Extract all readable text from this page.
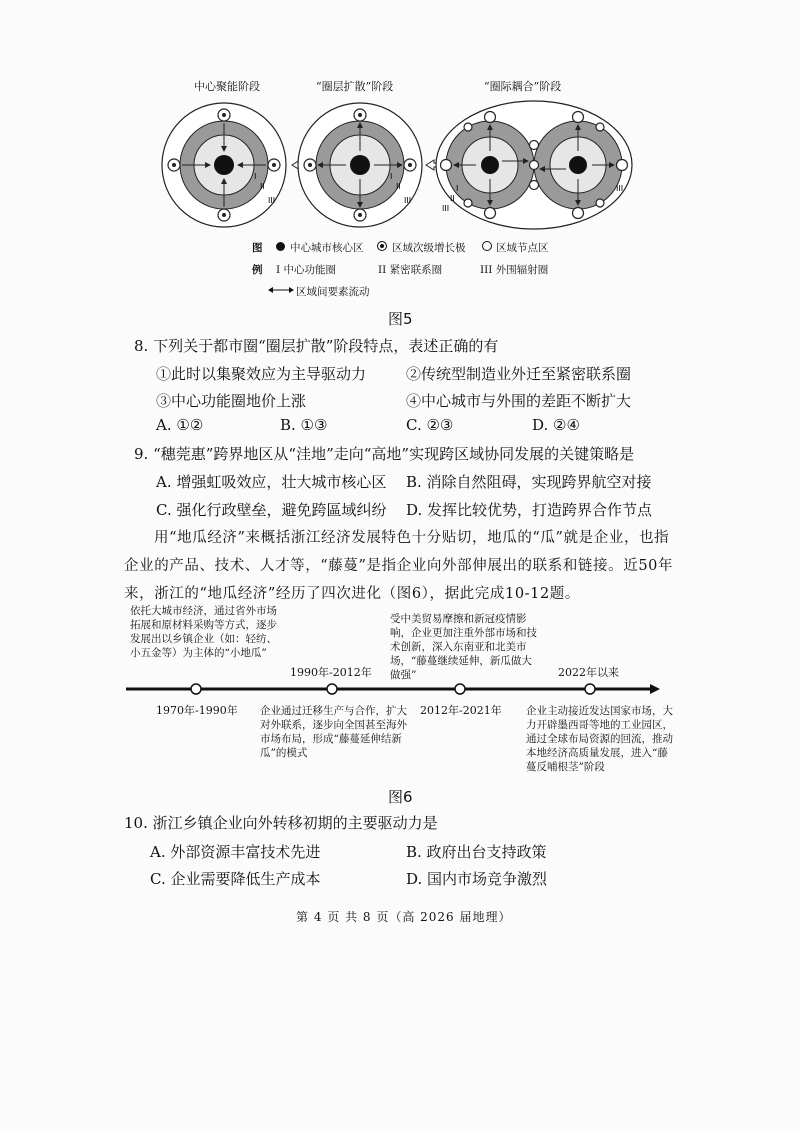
中心聚能阶段	“圈层扩散”阶段	“圈际耦合”阶段
I
II
III
I
II
III
I
II
III
III
图
例
中心城市核心区	区域次级增长极	区域节点区
I 中心功能圈	II 紧密联系圈	III 外围辐射圈
区域间要素流动
图5
8. 下列关于都市圈“圈层扩散”阶段特点，表述正确的有
①此时以集聚效应为主导驱动力	②传统型制造业外迁至紧密联系圈
③中心功能圈地价上涨	④中心城市与外围的差距不断扩大
A. ①②	B. ①③	C. ②③	D. ②④
9. “穗莞惠”跨界地区从“洼地”走向“高地”实现跨区域协同发展的关键策略是
A. 增强虹吸效应，壮大城市核心区 B. 消除自然阻碍，实现跨界航空对接
C. 强化行政壁垒，避免跨區域纠纷 D. 发挥比较优势，打造跨界合作节点
用“地瓜经济”来概括浙江经济发展特色十分贴切，地瓜的“瓜”就是企业，也指企业的产品、技术、人才等，“藤蔓”是指企业向外部伸展出的联系和链接。近50年来，浙江的“地瓜经济”经历了四次进化（图6），据此完成10-12题。
依托大城市经济，通过省外市场拓展和原材料采购等方式，逐步发展出以乡镇企业（如：轻纺、小五金等）为主体的“小地瓜”
受中美贸易摩擦和新冠疫情影响，企业更加注重外部市场和技术创新，深入东南亚和北美市场，“藤蔓继续延伸，新瓜做大做强”
1990年-2012年	2022年以来
1970年-1990年	2012年-2021年
企业通过迁移生产与合作，扩大对外联系，逐步向全国甚至海外市场布局，形成“藤蔓延伸结新瓜”的模式
企业主动接近发达国家市场，大力开辟墨西哥等地的工业园区，通过全球布局资源的回流，推动本地经济高质量发展，进入“藤蔓反哺根茎”阶段
图6
10. 浙江乡镇企业向外转移初期的主要驱动力是
A. 外部资源丰富技术先进	B. 政府出台支持政策
C. 企业需要降低生产成本	D. 国内市场竞争激烈
第 4 页 共 8 页（高 2026 届地理）
